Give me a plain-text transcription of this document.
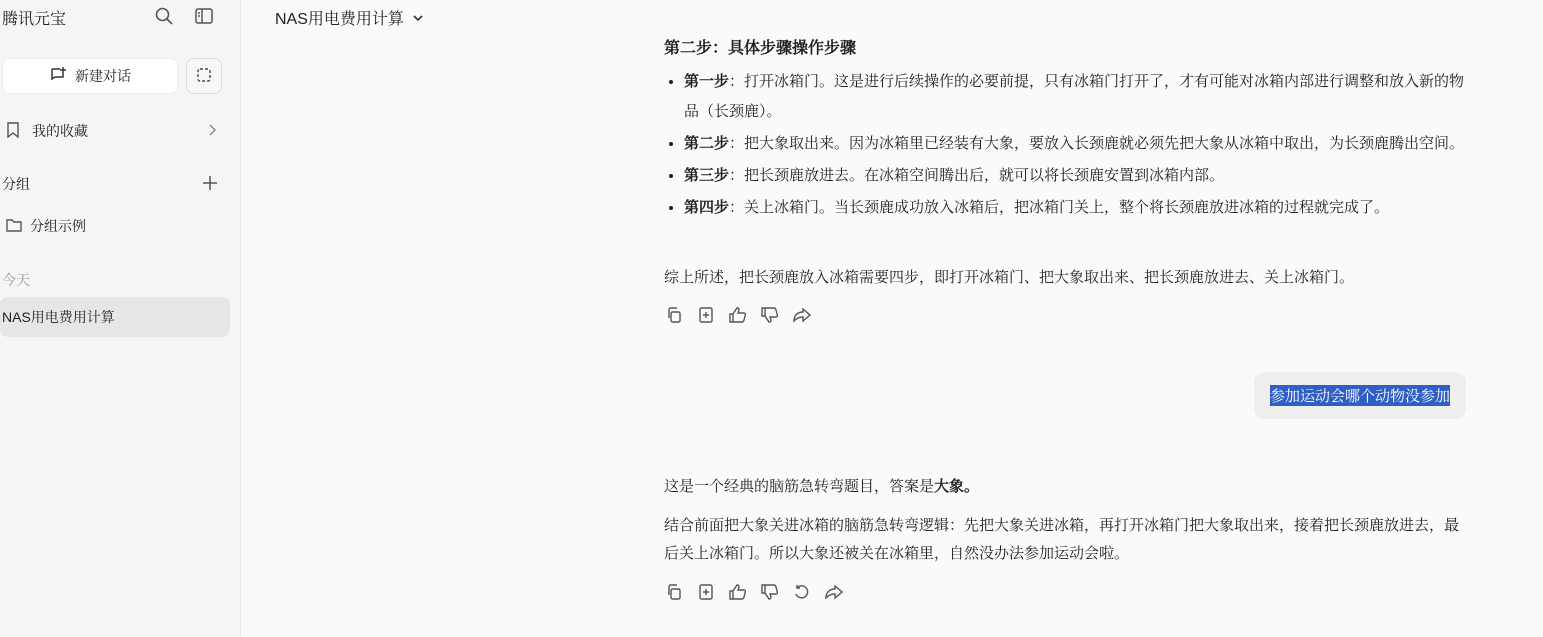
腾讯元宝
新建对话
我的收藏
分组
分组示例
今天
NAS用电费用计算
NAS用电费用计算
第二步：具体步骤操作步骤
• 第一步：打开冰箱门。这是进行后续操作的必要前提，只有冰箱门打开了，才有可能对冰箱内部进行调整和放入新的物品（长颈鹿）。
• 第二步：把大象取出来。因为冰箱里已经装有大象，要放入长颈鹿就必须先把大象从冰箱中取出，为长颈鹿腾出空间。
• 第三步：把长颈鹿放进去。在冰箱空间腾出后，就可以将长颈鹿安置到冰箱内部。
• 第四步：关上冰箱门。当长颈鹿成功放入冰箱后，把冰箱门关上，整个将长颈鹿放进冰箱的过程就完成了。
综上所述，把长颈鹿放入冰箱需要四步，即打开冰箱门、把大象取出来、把长颈鹿放进去、关上冰箱门。
参加运动会哪个动物没参加
这是一个经典的脑筋急转弯题目，答案是大象。
结合前面把大象关进冰箱的脑筋急转弯逻辑：先把大象关进冰箱，再打开冰箱门把大象取出来，接着把长颈鹿放进去，最后关上冰箱门。所以大象还被关在冰箱里，自然没办法参加运动会啦。
